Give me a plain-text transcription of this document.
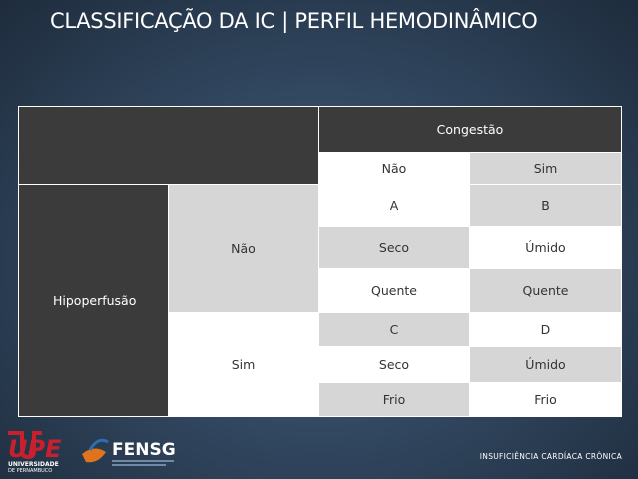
CLASSIFICAÇÃO DA IC | PERFIL HEMODINÂMICO
		Congestão	
		Não	Sim
Hipoperfusão	Não	A	B
		Seco	Úmido
		Quente	Quente
	Sim	C	D
		Seco	Úmido
		Frio	Frio
UPE
UNIVERSIDADE
DE PERNAMBUCO
FENSG	INSUFICIÊNCIA CARDÍACA CRÔNICA
